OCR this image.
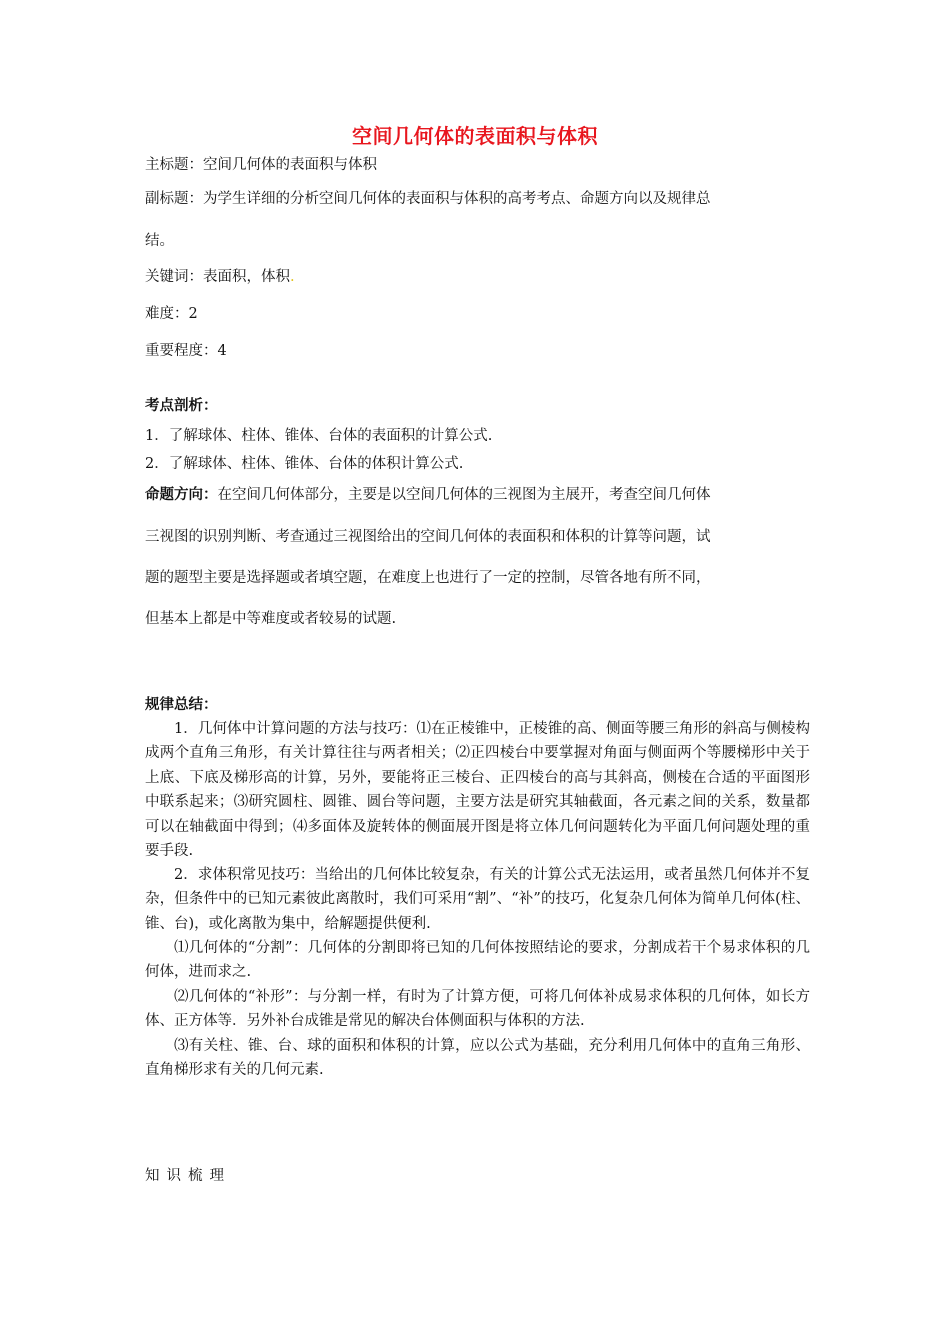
空间几何体的表面积与体积
主标题：空间几何体的表面积与体积
副标题：为学生详细的分析空间几何体的表面积与体积的高考考点、命题方向以及规律总
结。
关键词：表面积，体积.
难度：2
重要程度：4
考点剖析：
1．了解球体、柱体、锥体、台体的表面积的计算公式.
2．了解球体、柱体、锥体、台体的体积计算公式.
命题方向：在空间几何体部分，主要是以空间几何体的三视图为主展开，考查空间几何体
三视图的识别判断、考查通过三视图给出的空间几何体的表面积和体积的计算等问题，试
题的题型主要是选择题或者填空题，在难度上也进行了一定的控制，尽管各地有所不同，
但基本上都是中等难度或者较易的试题.
规律总结：
1．几何体中计算问题的方法与技巧：⑴在正棱锥中，正棱锥的高、侧面等腰三角形的斜高与侧棱构成两个直角三角形，有关计算往往与两者相关；⑵正四棱台中要掌握对角面与侧面两个等腰梯形中关于上底、下底及梯形高的计算，另外，要能将正三棱台、正四棱台的高与其斜高，侧棱在合适的平面图形中联系起来；⑶研究圆柱、圆锥、圆台等问题，主要方法是研究其轴截面，各元素之间的关系，数量都可以在轴截面中得到；⑷多面体及旋转体的侧面展开图是将立体几何问题转化为平面几何问题处理的重要手段.
2．求体积常见技巧：当给出的几何体比较复杂，有关的计算公式无法运用，或者虽然几何体并不复杂，但条件中的已知元素彼此离散时，我们可采用“割”、“补”的技巧，化复杂几何体为简单几何体(柱、锥、台)，或化离散为集中，给解题提供便利.
⑴几何体的“分割”：几何体的分割即将已知的几何体按照结论的要求，分割成若干个易求体积的几何体，进而求之.
⑵几何体的“补形”：与分割一样，有时为了计算方便，可将几何体补成易求体积的几何体，如长方体、正方体等．另外补台成锥是常见的解决台体侧面积与体积的方法.
⑶有关柱、锥、台、球的面积和体积的计算，应以公式为基础，充分利用几何体中的直角三角形、直角梯形求有关的几何元素.
知识梳理
